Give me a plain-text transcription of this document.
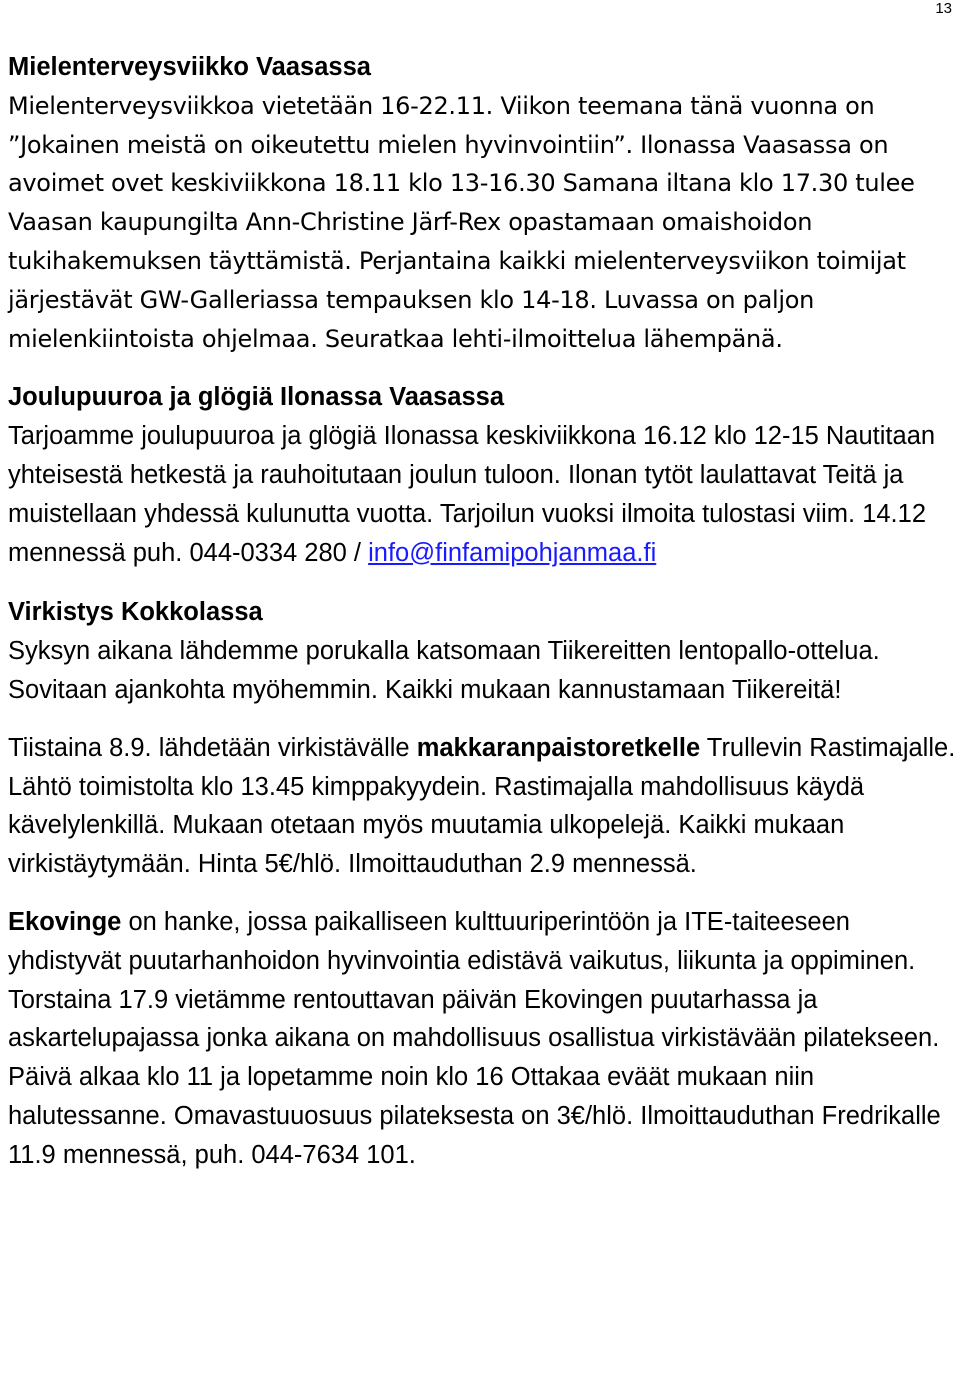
13
Mielenterveysviikko Vaasassa
Mielenterveysviikkoa vietetään 16-22.11. Viikon teemana tänä vuonna on ”Jokainen meistä on oikeutettu mielen hyvinvointiin”. Ilonassa Vaasassa on avoimet ovet keskiviikkona 18.11 klo 13-16.30 Samana iltana klo 17.30 tulee Vaasan kaupungilta Ann-Christine Järf-Rex opastamaan omaishoidon tukihakemuksen täyttämistä. Perjantaina kaikki mielenterveysviikon toimijat järjestävät GW-Galleriassa tempauksen klo 14-18. Luvassa on paljon mielenkiintoista ohjelmaa. Seuratkaa lehti-ilmoittelua lähempänä.
Joulupuuroa ja glögiä Ilonassa Vaasassa
Tarjoamme joulupuuroa ja glögiä Ilonassa keskiviikkona 16.12 klo 12-15 Nautitaan yhteisestä hetkestä ja rauhoitutaan joulun tuloon. Ilonan tytöt laulattavat Teitä ja muistellaan yhdessä kulunutta vuotta. Tarjoilun vuoksi ilmoita tulostasi viim. 14.12 mennessä puh. 044-0334 280 / info@finfamipohjanmaa.fi
Virkistys Kokkolassa
Syksyn aikana lähdemme porukalla katsomaan Tiikereitten lentopallo-ottelua. Sovitaan ajankohta myöhemmin. Kaikki mukaan kannustamaan Tiikereitä!
Tiistaina 8.9. lähdetään virkistävälle makkaranpaistoretkelle Trullevin Rastimajalle. Lähtö toimistolta klo 13.45 kimppakyydein. Rastimajalla mahdollisuus käydä kävelylenkillä. Mukaan otetaan myös muutamia ulkopelejä. Kaikki mukaan virkistäytymään. Hinta 5€/hlö. Ilmoittauduthan 2.9 mennessä.
Ekovinge on hanke, jossa paikalliseen kulttuuriperintöön ja ITE-taiteeseen yhdistyvät puutarhanhoidon hyvinvointia edistävä vaikutus, liikunta ja oppiminen. Torstaina 17.9 vietämme rentouttavan päivän Ekovingen puutarhassa ja askartelupajassa jonka aikana on mahdollisuus osallistua virkistävään pilatekseen. Päivä alkaa klo 11 ja lopetamme noin klo 16 Ottakaa eväät mukaan niin halutessanne. Omavastuuosuus pilateksesta on 3€/hlö. Ilmoittauduthan Fredrikalle 11.9 mennessä, puh. 044-7634 101.
